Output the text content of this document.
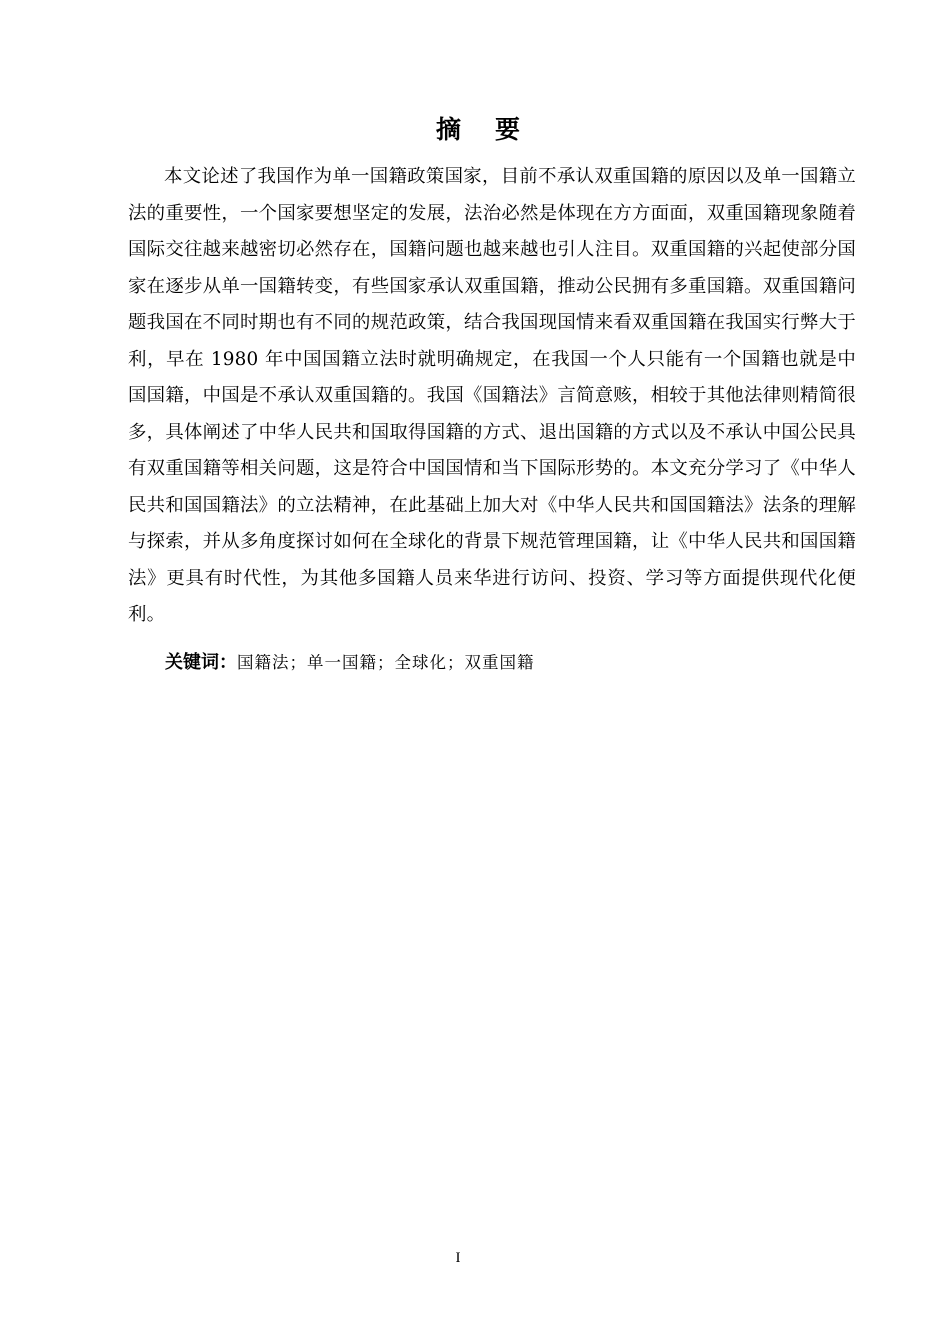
摘要

本文论述了我国作为单一国籍政策国家，目前不承认双重国籍的原因以及单一国籍立法的重要性，一个国家要想坚定的发展，法治必然是体现在方方面面，双重国籍现象随着国际交往越来越密切必然存在，国籍问题也越来越也引人注目。双重国籍的兴起使部分国家在逐步从单一国籍转变，有些国家承认双重国籍，推动公民拥有多重国籍。双重国籍问题我国在不同时期也有不同的规范政策，结合我国现国情来看双重国籍在我国实行弊大于利，早在 1980 年中国国籍立法时就明确规定，在我国一个人只能有一个国籍也就是中国国籍，中国是不承认双重国籍的。我国《国籍法》言简意赅，相较于其他法律则精简很多，具体阐述了中华人民共和国取得国籍的方式、退出国籍的方式以及不承认中国公民具有双重国籍等相关问题，这是符合中国国情和当下国际形势的。本文充分学习了《中华人民共和国国籍法》的立法精神，在此基础上加大对《中华人民共和国国籍法》法条的理解与探索，并从多角度探讨如何在全球化的背景下规范管理国籍，让《中华人民共和国国籍法》更具有时代性，为其他多国籍人员来华进行访问、投资、学习等方面提供现代化便利。

关键词：国籍法；单一国籍；全球化；双重国籍

I
